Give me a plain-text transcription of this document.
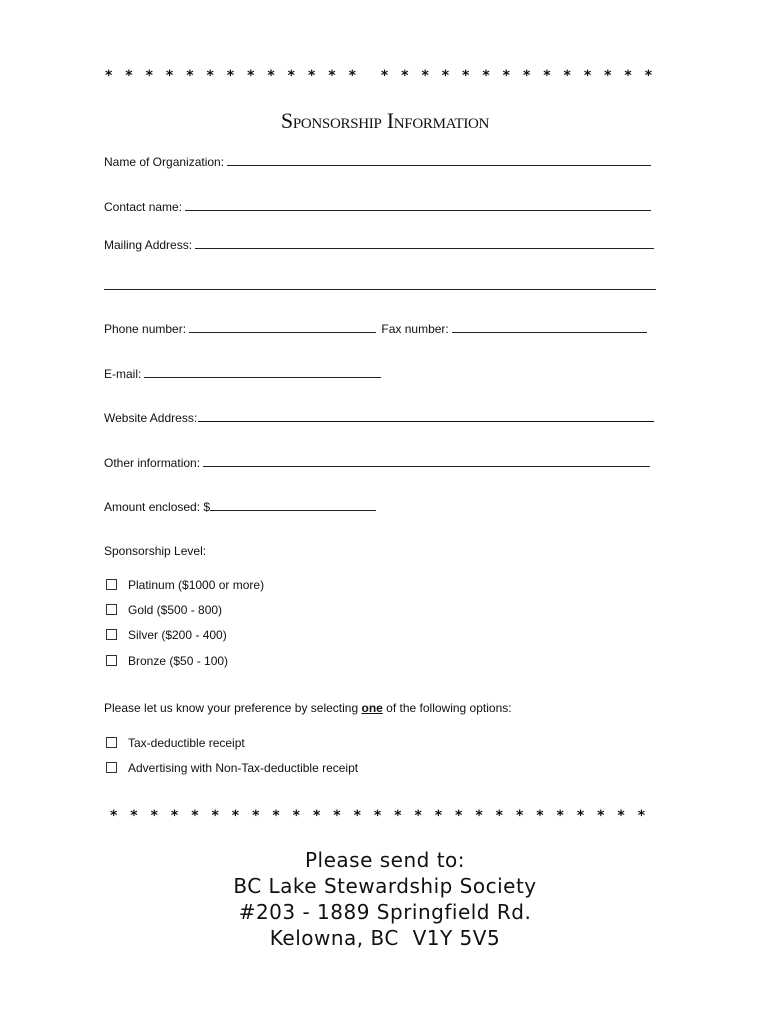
* * * * * * * * * * * * * * * * * * * * * * * * * * *
Sponsorship Information
Name of Organization:
Contact name:
Mailing Address:
Phone number:	Fax number:
E-mail:
Website Address:
Other information:
Amount enclosed: $
Sponsorship Level:
Platinum ($1000 or more)
Gold ($500 - 800)
Silver ($200 - 400)
Bronze ($50 - 100)
Please let us know your preference by selecting one of the following options:
Tax-deductible receipt
Advertising with Non-Tax-deductible receipt
* * * * * * * * * * * * * * * * * * * * * * * * * * *
Please send to:
BC Lake Stewardship Society
#203 - 1889 Springfield Rd.
Kelowna, BC  V1Y 5V5
